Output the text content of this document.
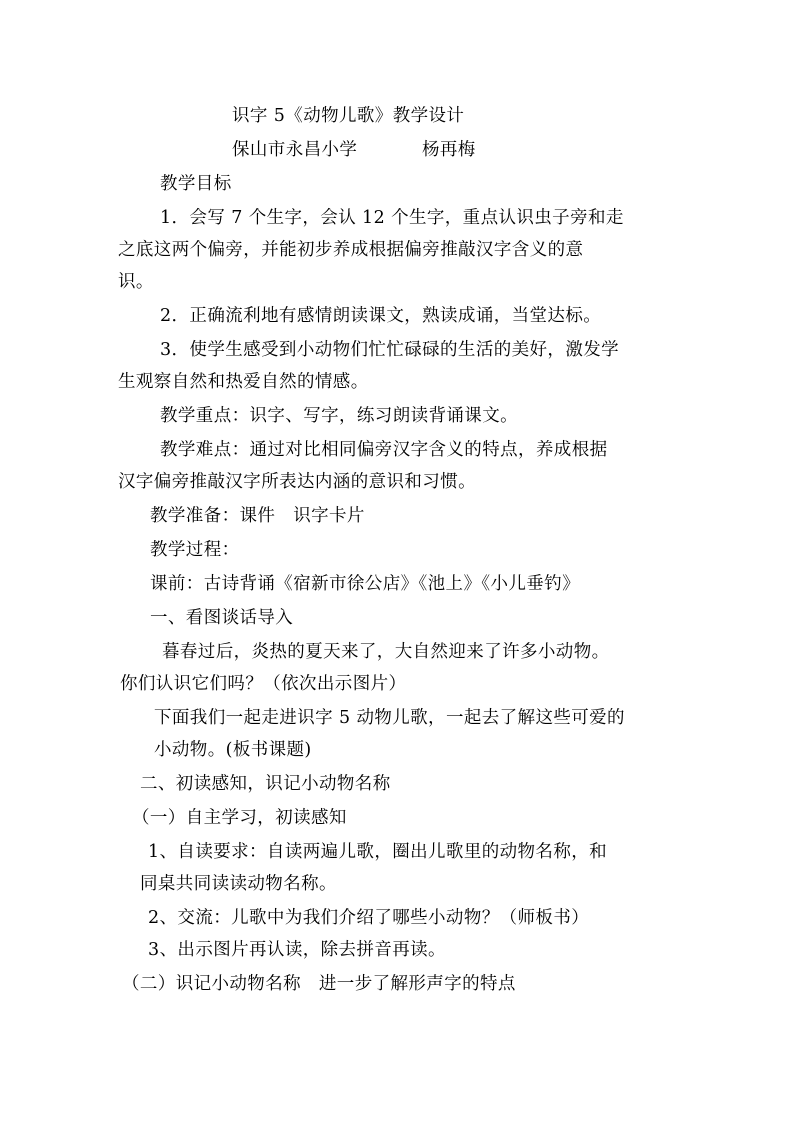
识字 5《动物儿歌》教学设计
保山市永昌小学	杨再梅
教学目标
1．会写 7 个生字，会认 12 个生字，重点认识虫子旁和走
之底这两个偏旁，并能初步养成根据偏旁推敲汉字含义的意
识。
2．正确流利地有感情朗读课文，熟读成诵，当堂达标。
3．使学生感受到小动物们忙忙碌碌的生活的美好，激发学
生观察自然和热爱自然的情感。
教学重点：识字、写字，练习朗读背诵课文。
教学难点：通过对比相同偏旁汉字含义的特点，养成根据
汉字偏旁推敲汉字所表达内涵的意识和习惯。
教学准备：课件　识字卡片
教学过程：
课前：古诗背诵《宿新市徐公店》《池上》《小儿垂钓》
一、看图谈话导入
暮春过后，炎热的夏天来了，大自然迎来了许多小动物。
你们认识它们吗？（依次出示图片）
下面我们一起走进识字 5 动物儿歌，一起去了解这些可爱的
小动物。(板书课题)
二、初读感知，识记小动物名称
（一）自主学习，初读感知
1、自读要求：自读两遍儿歌，圈出儿歌里的动物名称，和
同桌共同读读动物名称。
2、交流：儿歌中为我们介绍了哪些小动物？（师板书）
3、出示图片再认读，除去拼音再读。
（二）识记小动物名称　进一步了解形声字的特点
